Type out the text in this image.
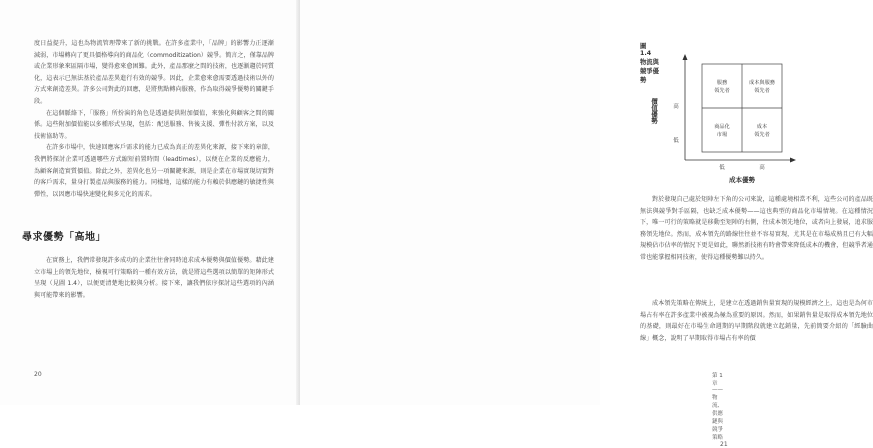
度日益提升，這也為物流管理帶來了新的挑戰。在許多產業中，「品牌」的影響力正逐漸減弱，市場轉向了更具價格導向的商品化（commoditization）競爭。簡言之，僅靠品牌或企業形象來區隔市場，變得愈來愈困難。此外，產品那麼之間的技術，也逐漸趨於同質化，這表示已無法基於產品差異進行有效的競爭。因此，企業愈來愈需要透過技術以外的方式來創造差異。許多公司對此的回應，是將焦點轉向服務，作為取得競爭優勢的關鍵手段。

在這個脈絡下，「服務」所扮演的角色是透過提供附加價值，來強化與顧客之間的關係。這些附加價值能以多種形式呈現，包括：配送服務、售後支援、彈性付款方案，以及技術協助等。

在許多市場中，快速回應客戶需求的能力已成為真正的差異化來源，接下來的章節，我們將探討企業可透過哪些方式縮短前置時間（leadtimes），以便在企業的反應能力，為顧客創造實質價值。除此之外，差異化也另一項關鍵來源，則是企業在市場實現切實對的客戶需求，量身打製產品與服務的能力。同樣地，這樣的能力有賴於供應鏈的敏捷性與彈性，以因應市場快速變化與多元化的需求。

尋求優勢「高地」

在實務上，我們常發現許多成功的企業往往會同時追求成本優勢與價值優勢。藉此建立市場上的領先地位，檢視可行策略的一種有效方法，就是將這些選項以簡單的矩陣形式呈現（見圖 1.4），以便更清楚地比較與分析。接下來，讓我們依序探討這些選項的內涵與可能帶來的影響。

20
圖 1.4物流與競爭優勢
價值優勢	高
低
服務
領先者
成本與服務
領先者
商品化
市場
成本
領先者
低	高
成本優勢

對於發現自己處於矩陣左下角的公司來說，這種處境相當不利，這些公司的產品既無法與競爭對手區隔，也缺乏成本優勢——這也典型的商品化市場情境。在這種情況下，唯一可行的策略就是移動至矩陣的右側，往成本領先地位，或者向上發展，追求服務領先地位。然而，成本領先的路線往往並不容易實現，尤其是在市場成熟且已有大幅規模佔市佔率的情況下更是如此，聯然新技術有時會帶來降低成本的機會，但競爭者通常也能掌握相同技術，使得這種優勢難以持久。

成本領先策略在傳統上，是建立在透過銷售量實現的規模經濟之上，這也是為何市場占有率在許多產業中被視為極為重要的原因。然而，如果銷售量是取得成本領先地位的基礎，則最好在市場生命週期的早期階段就建立起銷量，先前簡要介紹的「經驗曲線」概念，說明了早期取得市場占有率的價

第 1 章 —— 物流、供應鏈與競爭策略21
